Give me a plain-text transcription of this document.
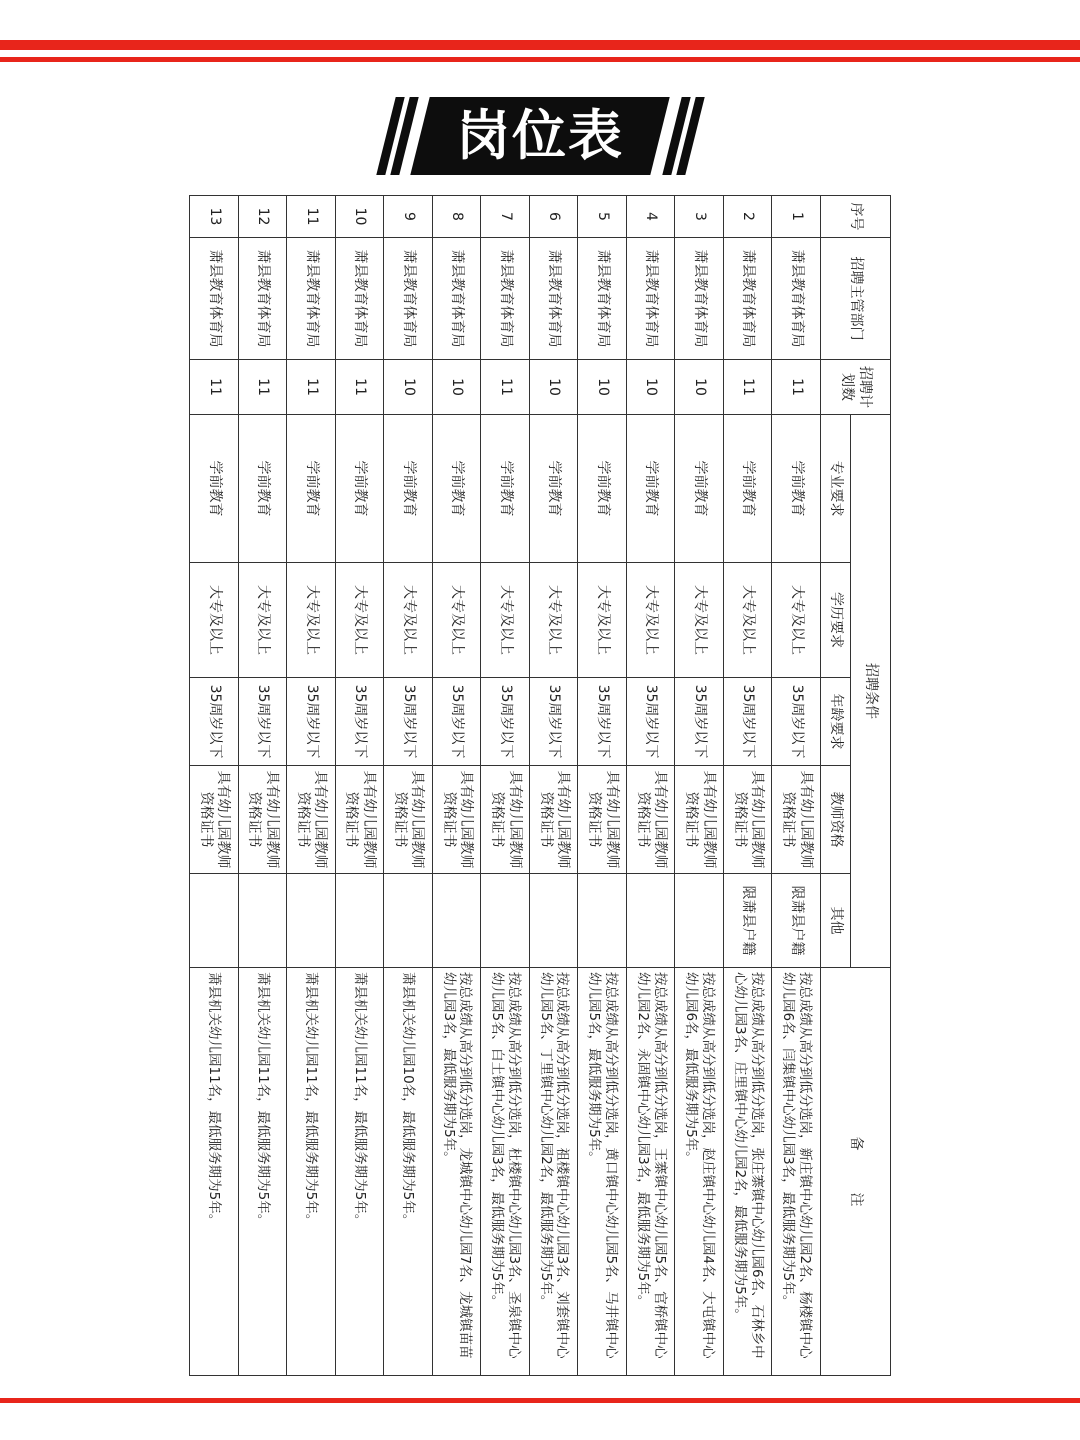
岗位表
序号	招聘主管部门	招聘计划数	招聘条件					备　　　注
			专业要求	学历要求	年龄要求	教师资格	其他	
1	萧县教育体育局	11	学前教育	大专及以上	35周岁以下	具有幼儿园教师资格证书	限萧县户籍	按总成绩从高分到低分选岗，新庄镇中心幼儿园2名、杨楼镇中心幼儿园6名、闫集镇中心幼儿园3名，最低服务期为5年。
2	萧县教育体育局	11	学前教育	大专及以上	35周岁以下	具有幼儿园教师资格证书	限萧县户籍	按总成绩从高分到低分选岗，张庄寨镇中心幼儿园6名、石林乡中心幼儿园3名、庄里镇中心幼儿园2名，最低服务期为5年。
3	萧县教育体育局	10	学前教育	大专及以上	35周岁以下	具有幼儿园教师资格证书		按总成绩从高分到低分选岗，赵庄镇中心幼儿园4名、大屯镇中心幼儿园6名，最低服务期为5年。
4	萧县教育体育局	10	学前教育	大专及以上	35周岁以下	具有幼儿园教师资格证书		按总成绩从高分到低分选岗，王寨镇中心幼儿园5名、官桥镇中心幼儿园2名、永固镇中心幼儿园3名，最低服务期为5年。
5	萧县教育体育局	10	学前教育	大专及以上	35周岁以下	具有幼儿园教师资格证书		按总成绩从高分到低分选岗，黄口镇中心幼儿园5名、马井镇中心幼儿园5名，最低服务期为5年。
6	萧县教育体育局	10	学前教育	大专及以上	35周岁以下	具有幼儿园教师资格证书		按总成绩从高分到低分选岗，祖楼镇中心幼儿园3名、刘套镇中心幼儿园5名、丁里镇中心幼儿园2名，最低服务期为5年。
7	萧县教育体育局	11	学前教育	大专及以上	35周岁以下	具有幼儿园教师资格证书		按总成绩从高分到低分选岗，杜楼镇中心幼儿园3名、圣泉镇中心幼儿园5名、白土镇中心幼儿园3名，最低服务期为5年。
8	萧县教育体育局	10	学前教育	大专及以上	35周岁以下	具有幼儿园教师资格证书		按总成绩从高分到低分选岗，龙城镇中心幼儿园7名、龙城镇苗苗幼儿园3名，最低服务期为5年。
9	萧县教育体育局	10	学前教育	大专及以上	35周岁以下	具有幼儿园教师资格证书		萧县机关幼儿园10名，最低服务期为5年。
10	萧县教育体育局	11	学前教育	大专及以上	35周岁以下	具有幼儿园教师资格证书		萧县机关幼儿园11名，最低服务期为5年。
11	萧县教育体育局	11	学前教育	大专及以上	35周岁以下	具有幼儿园教师资格证书		萧县机关幼儿园11名，最低服务期为5年。
12	萧县教育体育局	11	学前教育	大专及以上	35周岁以下	具有幼儿园教师资格证书		萧县机关幼儿园11名，最低服务期为5年。
13	萧县教育体育局	11	学前教育	大专及以上	35周岁以下	具有幼儿园教师资格证书		萧县机关幼儿园11名，最低服务期为5年。
